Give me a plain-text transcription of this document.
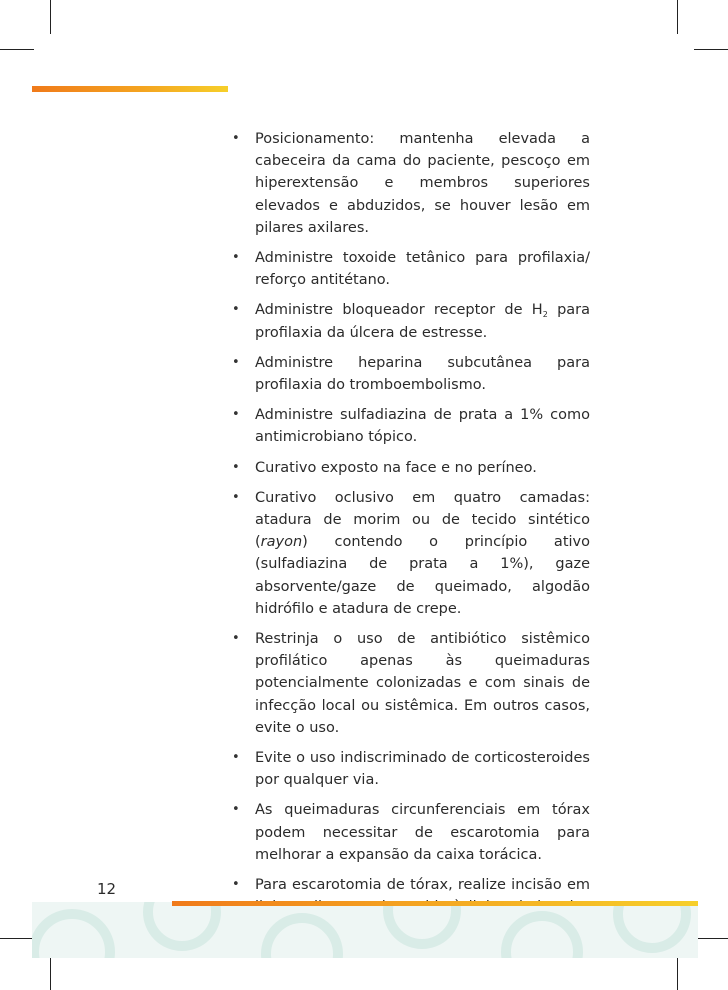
• Posicionamento: mantenha elevada a cabeceira da cama do paciente, pescoço em hiperextensão e membros superiores elevados e abduzidos, se houver lesão em pilares axilares.
• Administre toxoide tetânico para profilaxia/ reforço antitétano.
• Administre bloqueador receptor de $H_2$ para profilaxia da úlcera de estresse.
• Administre heparina subcutânea para profilaxia do tromboembolismo.
• Administre sulfadiazina de prata a 1% como antimicrobiano tópico.
• Curativo exposto na face e no períneo.
• Curativo oclusivo em quatro camadas: atadura de morim ou de tecido sintético (rayon) contendo o princípio ativo (sulfadiazina de prata a 1%), gaze absorvente/gaze de queimado, algodão hidrófilo e atadura de crepe.
• Restrinja o uso de antibiótico sistêmico profilático apenas às queimaduras potencialmente colonizadas e com sinais de infecção local ou sistêmica. Em outros casos, evite o uso.
• Evite o uso indiscriminado de corticosteroides por qualquer via.
• As queimaduras circunferenciais em tórax podem necessitar de escarotomia para melhorar a expansão da caixa torácica.
• Para escarotomia de tórax, realize incisão em
12
